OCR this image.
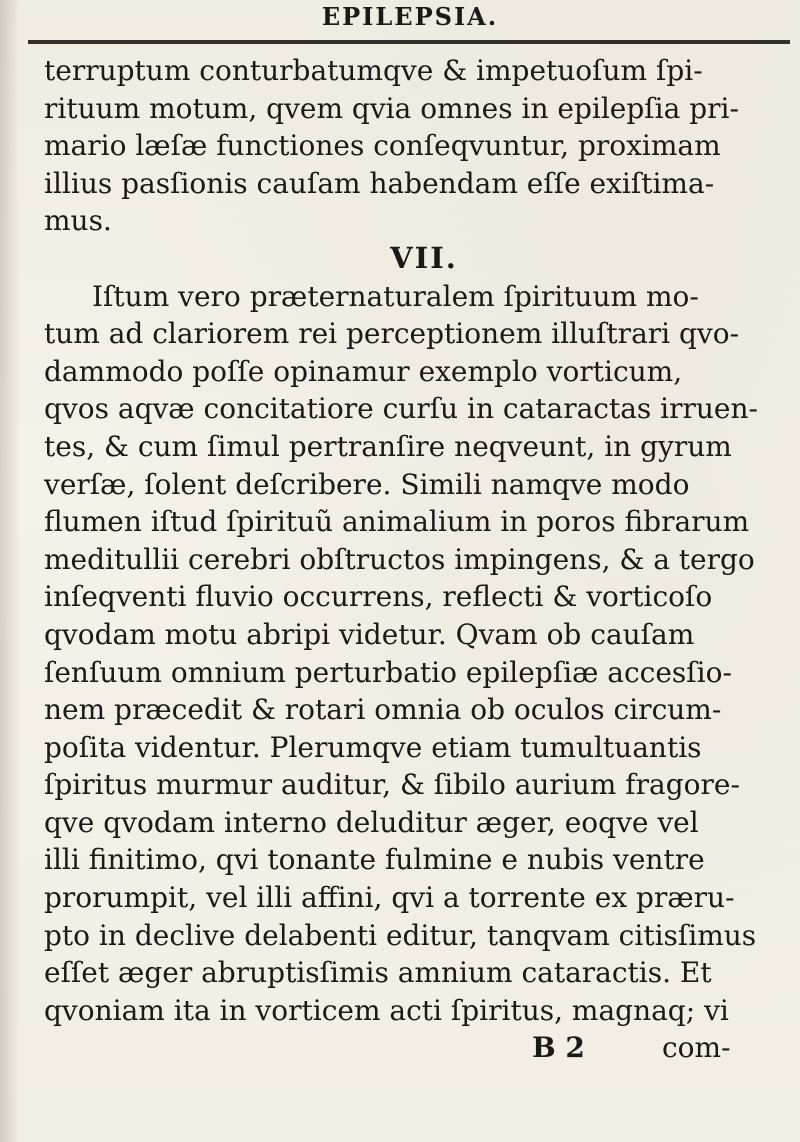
EPILEPSIA.
terruptum conturbatumqve & impetuoſum ſpi-
rituum motum, qvem qvia omnes in epilepſia pri-
mario læſæ functiones conſeqvuntur, proximam
illius pasſionis cauſam habendam eſſe exiſtima-
mus.
VII.
Iſtum vero præternaturalem ſpirituum mo-
tum ad clariorem rei perceptionem illuſtrari qvo-
dammodo poſſe opinamur exemplo vorticum,
qvos aqvæ concitatiore curſu in cataractas irruen-
tes, & cum ſimul pertranſire neqveunt, in gyrum
verſæ, ſolent deſcribere. Simili namqve modo
flumen iſtud ſpirituũ animalium in poros fibrarum
meditullii cerebri obſtructos impingens, & a tergo
inſeqventi fluvio occurrens, reflecti & vorticoſo
qvodam motu abripi videtur. Qvam ob cauſam
ſenſuum omnium perturbatio epilepſiæ accesſio-
nem præcedit & rotari omnia ob oculos circum-
poſita videntur. Plerumqve etiam tumultuantis
ſpiritus murmur auditur, & ſibilo aurium fragore-
qve qvodam interno deluditur æger, eoqve vel
illi finitimo, qvi tonante fulmine e nubis ventre
prorumpit, vel illi affini, qvi a torrente ex præru-
pto in declive delabenti editur, tanqvam citisſimus
eſſet æger abruptisſimis amnium cataractis. Et
qvoniam ita in vorticem acti ſpiritus, magnaq; vi
B 2	com-
